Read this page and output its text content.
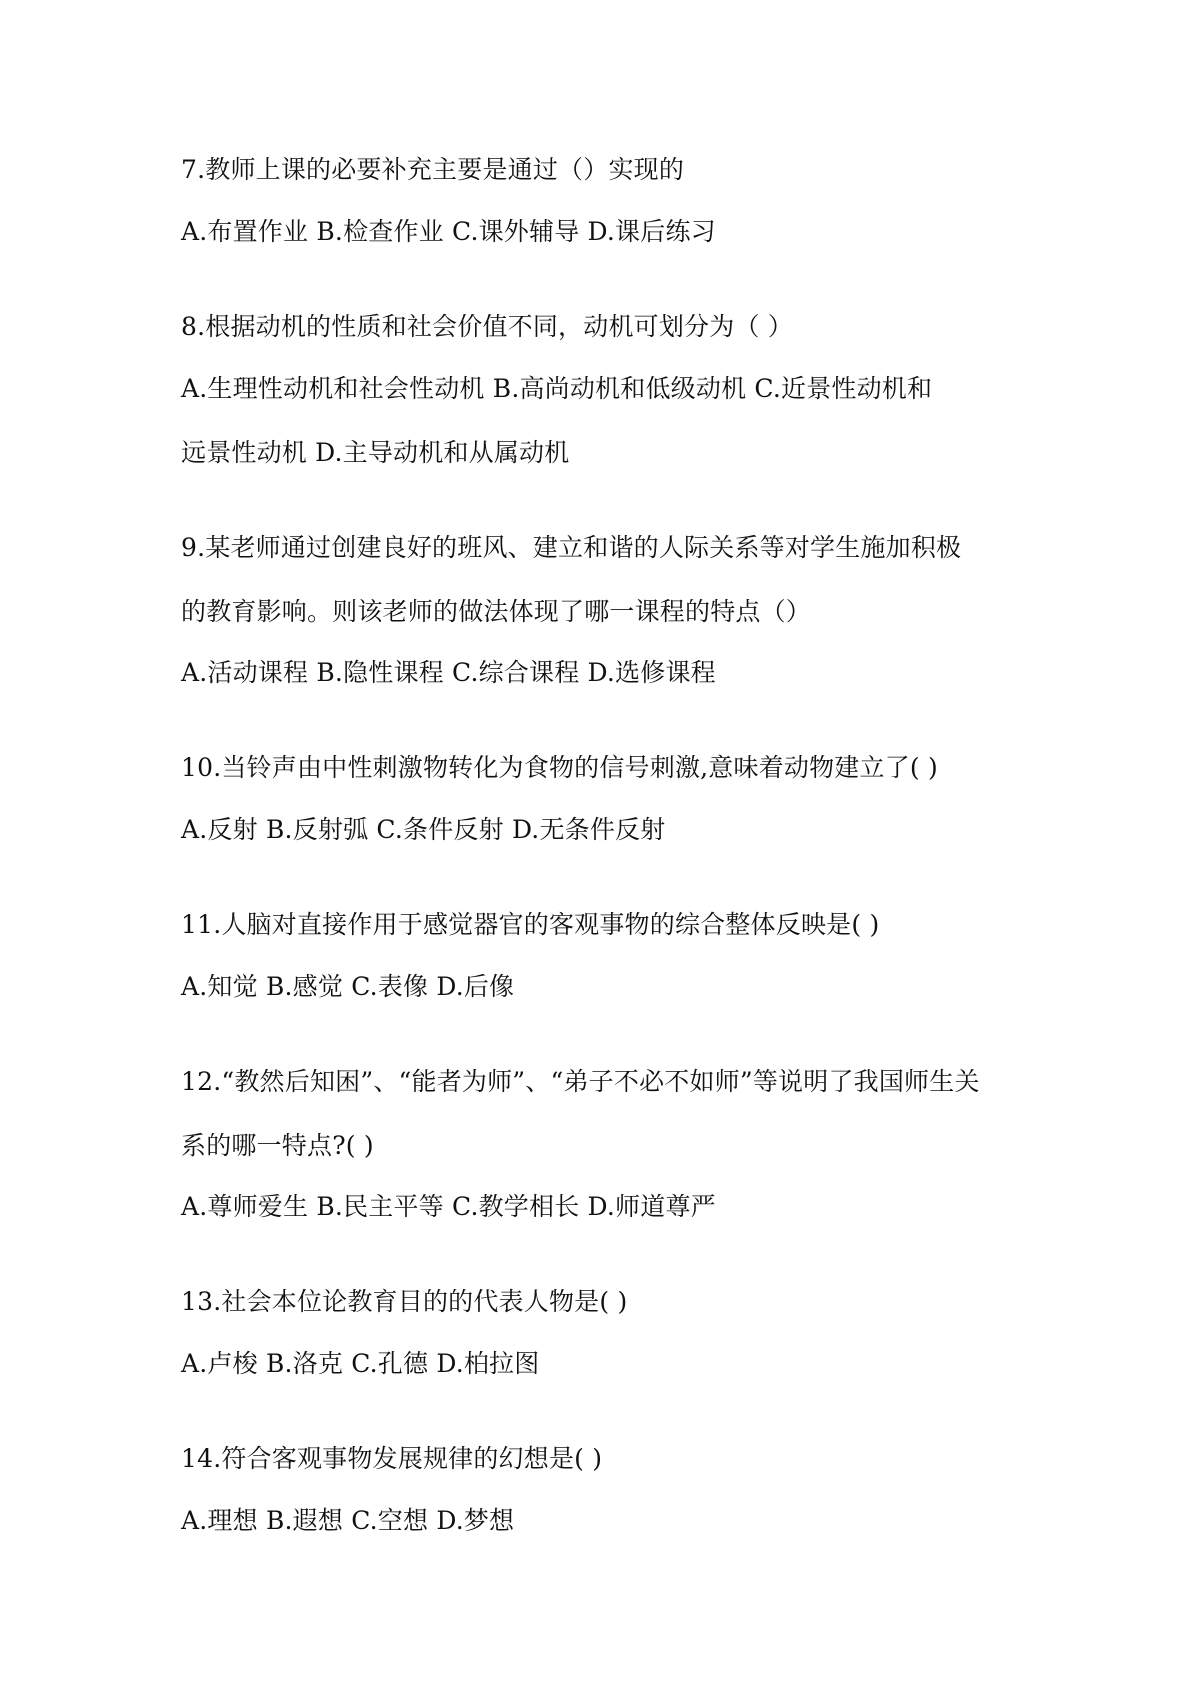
7.教师上课的必要补充主要是通过（）实现的
A.布置作业 B.检查作业 C.课外辅导 D.课后练习
8.根据动机的性质和社会价值不同，动机可划分为（ ）
A.生理性动机和社会性动机 B.高尚动机和低级动机 C.近景性动机和
远景性动机 D.主导动机和从属动机
9.某老师通过创建良好的班风、建立和谐的人际关系等对学生施加积极
的教育影响。则该老师的做法体现了哪一课程的特点（）
A.活动课程 B.隐性课程 C.综合课程 D.选修课程
10.当铃声由中性刺激物转化为食物的信号刺激,意味着动物建立了( )
A.反射 B.反射弧 C.条件反射 D.无条件反射
11.人脑对直接作用于感觉器官的客观事物的综合整体反映是( )
A.知觉 B.感觉 C.表像 D.后像
12.“教然后知困”、“能者为师”、“弟子不必不如师”等说明了我国师生关
系的哪一特点?( )
A.尊师爱生 B.民主平等 C.教学相长 D.师道尊严
13.社会本位论教育目的的代表人物是( )
A.卢梭 B.洛克 C.孔德 D.柏拉图
14.符合客观事物发展规律的幻想是( )
A.理想 B.遐想 C.空想 D.梦想
